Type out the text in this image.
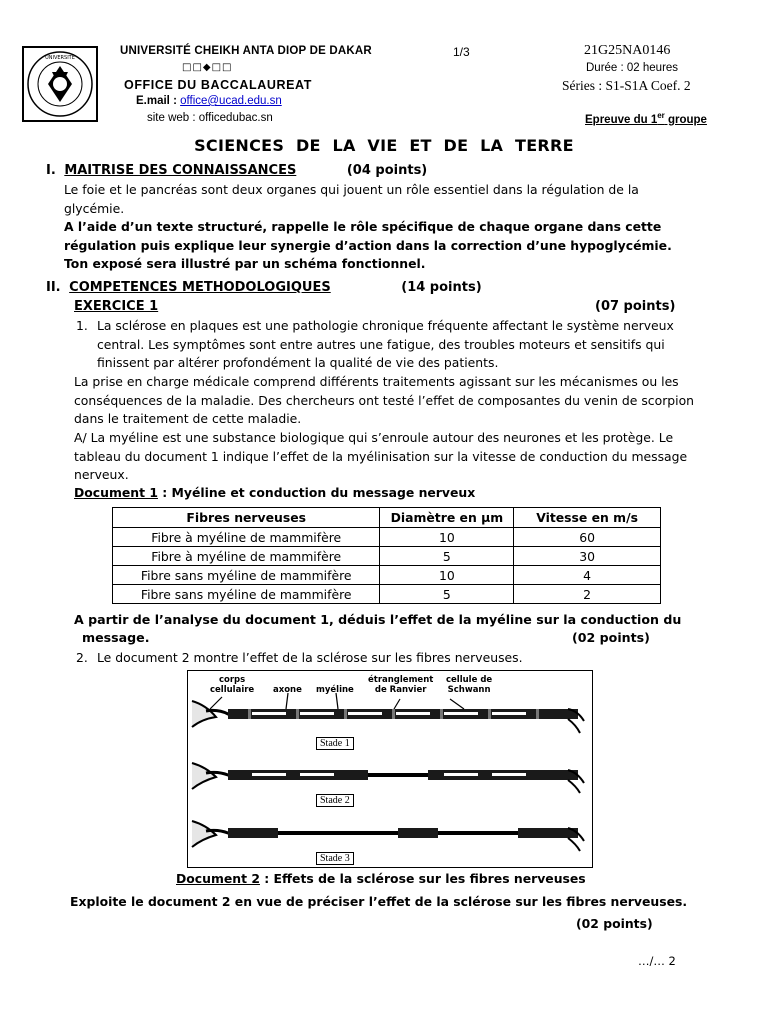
UNIVERSITÉ
UNIVERSITÉ CHEIKH ANTA DIOP DE DAKAR
□□◆□□
OFFICE DU BACCALAUREAT
E.mail : office@ucad.edu.sn
site web : officedubac.sn
1/3	21G25NA0146
Durée : 02 heures
Séries : S1-S1A Coef. 2
Epreuve du 1er groupe
SCIENCES  DE  LA  VIE  ET  DE  LA  TERRE
I. MAITRISE DES CONNAISSANCES	(04 points)

Le foie et le pancréas sont deux organes qui jouent un rôle essentiel dans la régulation de la glycémie.

A l’aide d’un texte structuré, rappelle le rôle spécifique de chaque organe dans cette régulation puis explique leur synergie d’action dans la correction d’une hypoglycémie. Ton exposé sera illustré par un schéma fonctionnel.

II. COMPETENCES METHODOLOGIQUES	(14 points)
EXERCICE 1	(07 points)
1. La sclérose en plaques est une pathologie chronique fréquente affectant le système nerveux central. Les symptômes sont entre autres une fatigue, des troubles moteurs et sensitifs qui finissent par altérer profondément la qualité de vie des patients.

La prise en charge médicale comprend différents traitements agissant sur les mécanismes ou les conséquences de la maladie. Des chercheurs ont testé l’effet de composantes du venin de scorpion dans le traitement de cette maladie.

A/ La myéline est une substance biologique qui s’enroule autour des neurones et les protège. Le tableau du document 1 indique l’effet de la myélinisation sur la vitesse de conduction du message nerveux.

Document 1 : Myéline et conduction du message nerveux
Fibres nerveuses	Diamètre en µm	Vitesse en m/s
Fibre à myéline de mammifère	10	60
Fibre à myéline de mammifère	5	30
Fibre sans myéline de mammifère	10	4
Fibre sans myéline de mammifère	5	2
A partir de l’analyse du document 1, déduis l’effet de la myéline sur la conduction du
message.	(02 points)
2. Le document 2 montre l’effet de la sclérose sur les fibres nerveuses.
corps
cellulaire axone myéline
étranglement
de Ranvier
cellule de
Schwann
Stade 1
Stade 2
Stade 3
Document 2 : Effets de la sclérose sur les fibres nerveuses
Exploite le document 2 en vue de préciser l’effet de la sclérose sur les fibres nerveuses.
(02 points)
…/… 2
